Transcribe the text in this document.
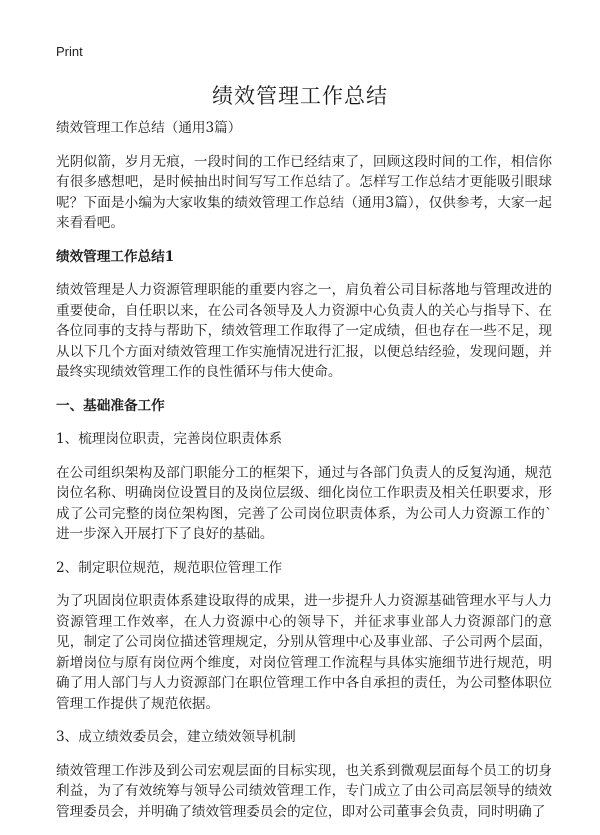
Print
绩效管理工作总结

绩效管理工作总结（通用3篇）

光阴似箭，岁月无痕，一段时间的工作已经结束了，回顾这段时间的工作，相信你有很多感想吧，是时候抽出时间写写工作总结了。怎样写工作总结才更能吸引眼球呢？下面是小编为大家收集的绩效管理工作总结（通用3篇），仅供参考，大家一起来看看吧。

绩效管理工作总结1

绩效管理是人力资源管理职能的重要内容之一，肩负着公司目标落地与管理改进的重要使命，自任职以来，在公司各领导及人力资源中心负责人的关心与指导下、在各位同事的支持与帮助下，绩效管理工作取得了一定成绩，但也存在一些不足，现从以下几个方面对绩效管理工作实施情况进行汇报，以便总结经验，发现问题，并最终实现绩效管理工作的良性循环与伟大使命。

一、基础准备工作

1、梳理岗位职责，完善岗位职责体系

在公司组织架构及部门职能分工的框架下，通过与各部门负责人的反复沟通，规范岗位名称、明确岗位设置目的及岗位层级、细化岗位工作职责及相关任职要求，形成了公司完整的岗位架构图，完善了公司岗位职责体系，为公司人力资源工作的`进一步深入开展打下了良好的基础。

2、制定职位规范，规范职位管理工作

为了巩固岗位职责体系建设取得的成果，进一步提升人力资源基础管理水平与人力资源管理工作效率，在人力资源中心的领导下，并征求事业部人力资源部门的意见，制定了公司岗位描述管理规定，分别从管理中心及事业部、子公司两个层面，新增岗位与原有岗位两个维度，对岗位管理工作流程与具体实施细节进行规范，明确了用人部门与人力资源部门在职位管理工作中各自承担的责任，为公司整体职位管理工作提供了规范依据。

3、成立绩效委员会，建立绩效领导机制

绩效管理工作涉及到公司宏观层面的目标实现，也关系到微观层面每个员工的切身利益，为了有效统筹与领导公司绩效管理工作，专门成立了由公司高层领导的绩效管理委员会，并明确了绩效管理委员会的定位，即对公司董事会负责，同时明确了
